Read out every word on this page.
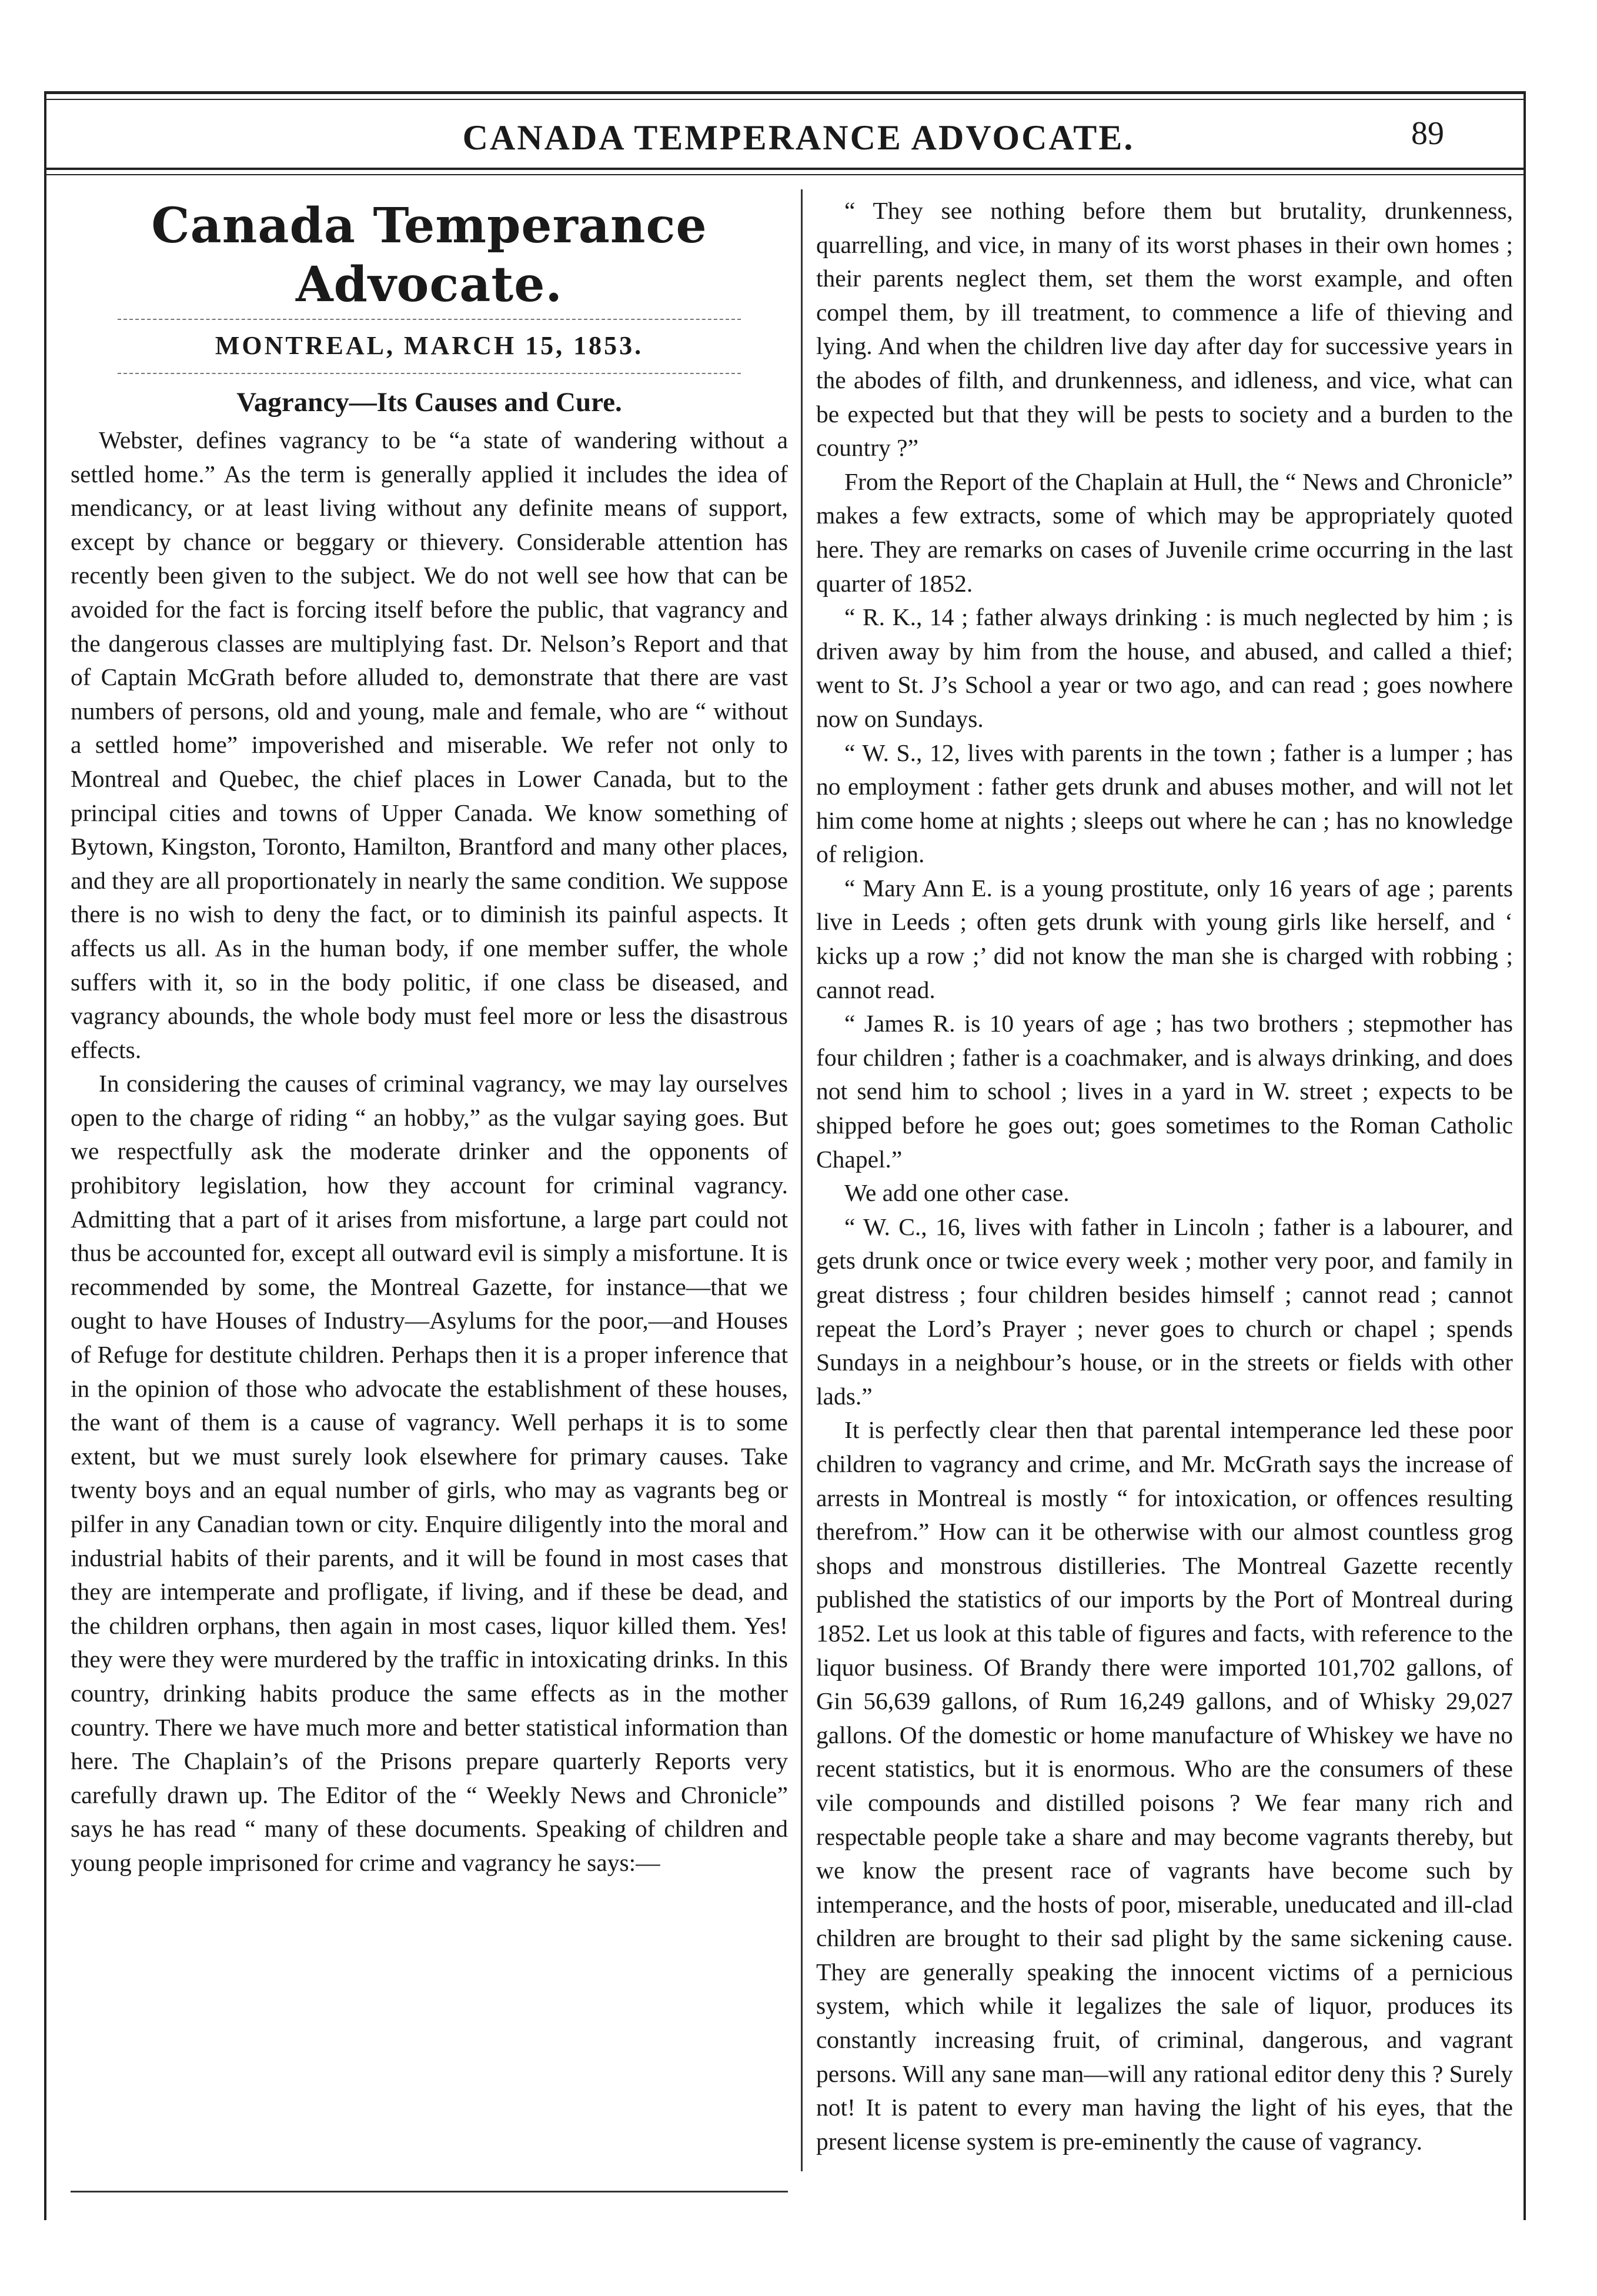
CANADA TEMPERANCE ADVOCATE.	89
Canada Temperance Advocate.
MONTREAL, MARCH 15, 1853.
Vagrancy—Its Causes and Cure.

Webster, defines vagrancy to be “a state of wandering without a settled home.” As the term is generally applied it includes the idea of mendicancy, or at least living without any definite means of support, except by chance or beggary or thievery. Considerable attention has recently been given to the subject. We do not well see how that can be avoided for the fact is forcing itself before the public, that vagrancy and the dangerous classes are multiplying fast. Dr. Nelson’s Report and that of Captain McGrath before alluded to, demonstrate that there are vast numbers of persons, old and young, male and female, who are “ without a settled home” impoverished and miserable. We refer not only to Montreal and Quebec, the chief places in Lower Canada, but to the principal cities and towns of Upper Canada. We know something of Bytown, Kingston, Toronto, Hamilton, Brantford and many other places, and they are all proportionately in nearly the same condition. We suppose there is no wish to deny the fact, or to diminish its painful aspects. It affects us all. As in the human body, if one member suffer, the whole suffers with it, so in the body politic, if one class be diseased, and vagrancy abounds, the whole body must feel more or less the disastrous effects.

In considering the causes of criminal vagrancy, we may lay ourselves open to the charge of riding “ an hobby,” as the vulgar saying goes. But we respectfully ask the moderate drinker and the opponents of prohibitory legislation, how they account for criminal vagrancy. Admitting that a part of it arises from misfortune, a large part could not thus be accounted for, except all outward evil is simply a misfortune. It is recommended by some, the Montreal Gazette, for instance—that we ought to have Houses of Industry—Asylums for the poor,—and Houses of Refuge for destitute children. Perhaps then it is a proper inference that in the opinion of those who advocate the establishment of these houses, the want of them is a cause of vagrancy. Well perhaps it is to some extent, but we must surely look elsewhere for primary causes. Take twenty boys and an equal number of girls, who may as vagrants beg or pilfer in any Canadian town or city. Enquire diligently into the moral and industrial habits of their parents, and it will be found in most cases that they are intemperate and profligate, if living, and if these be dead, and the children orphans, then again in most cases, liquor killed them. Yes! they were they were murdered by the traffic in intoxicating drinks. In this country, drinking habits produce the same effects as in the mother country. There we have much more and better statistical information than here. The Chaplain’s of the Prisons prepare quarterly Reports very carefully drawn up. The Editor of the “ Weekly News and Chronicle” says he has read “ many of these documents. Speaking of children and young people imprisoned for crime and vagrancy he says:—

“ They see nothing before them but brutality, drunkenness, quarrelling, and vice, in many of its worst phases in their own homes ; their parents neglect them, set them the worst example, and often compel them, by ill treatment, to commence a life of thieving and lying. And when the children live day after day for successive years in the abodes of filth, and drunkenness, and idleness, and vice, what can be expected but that they will be pests to society and a burden to the country ?”

From the Report of the Chaplain at Hull, the “ News and Chronicle” makes a few extracts, some of which may be appropriately quoted here. They are remarks on cases of Juvenile crime occurring in the last quarter of 1852.

“ R. K., 14 ; father always drinking : is much neglected by him ; is driven away by him from the house, and abused, and called a thief; went to St. J’s School a year or two ago, and can read ; goes nowhere now on Sundays.

“ W. S., 12, lives with parents in the town ; father is a lumper ; has no employment : father gets drunk and abuses mother, and will not let him come home at nights ; sleeps out where he can ; has no knowledge of religion.

“ Mary Ann E. is a young prostitute, only 16 years of age ; parents live in Leeds ; often gets drunk with young girls like herself, and ‘ kicks up a row ;’ did not know the man she is charged with robbing ; cannot read.

“ James R. is 10 years of age ; has two brothers ; stepmother has four children ; father is a coachmaker, and is always drinking, and does not send him to school ; lives in a yard in W. street ; expects to be shipped before he goes out; goes sometimes to the Roman Catholic Chapel.”

We add one other case.

“ W. C., 16, lives with father in Lincoln ; father is a labourer, and gets drunk once or twice every week ; mother very poor, and family in great distress ; four children besides himself ; cannot read ; cannot repeat the Lord’s Prayer ; never goes to church or chapel ; spends Sundays in a neighbour’s house, or in the streets or fields with other lads.”

It is perfectly clear then that parental intemperance led these poor children to vagrancy and crime, and Mr. McGrath says the increase of arrests in Montreal is mostly “ for intoxication, or offences resulting therefrom.” How can it be otherwise with our almost countless grog shops and monstrous distilleries. The Montreal Gazette recently published the statistics of our imports by the Port of Montreal during 1852. Let us look at this table of figures and facts, with reference to the liquor business. Of Brandy there were imported 101,702 gallons, of Gin 56,639 gallons, of Rum 16,249 gallons, and of Whisky 29,027 gallons. Of the domestic or home manufacture of Whiskey we have no recent statistics, but it is enormous. Who are the consumers of these vile compounds and distilled poisons ? We fear many rich and respectable people take a share and may become vagrants thereby, but we know the present race of vagrants have become such by intemperance, and the hosts of poor, miserable, uneducated and ill-clad children are brought to their sad plight by the same sickening cause. They are generally speaking the innocent victims of a pernicious system, which while it legalizes the sale of liquor, produces its constantly increasing fruit, of criminal, dangerous, and vagrant persons. Will any sane man—will any rational editor deny this ? Surely not! It is patent to every man having the light of his eyes, that the present license system is pre-eminently the cause of vagrancy.
